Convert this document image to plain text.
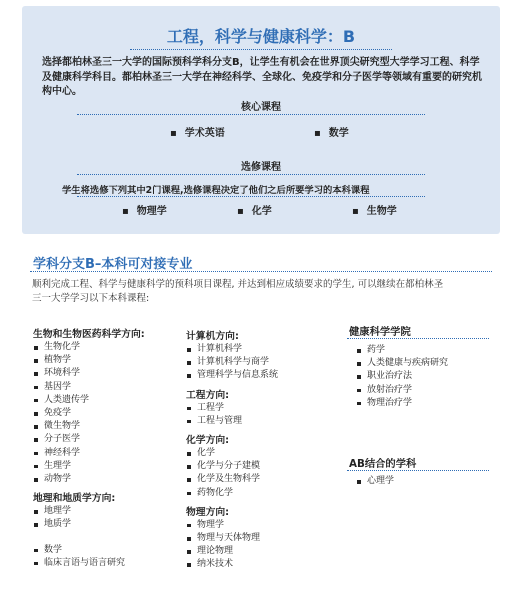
工程，科学与健康科学：B
选择都柏林圣三一大学的国际预科学科分支B，让学生有机会在世界顶尖研究型大学学习工程、科学及健康科学科目。都柏林圣三一大学在神经科学、全球化、免疫学和分子医学等领域有重要的研究机构中心。
核心课程
▪ 学术英语	▪ 数学
选修课程
学生将选修下列其中2门课程,选修课程决定了他们之后所要学习的本科课程
▪ 物理学	▪ 化学	▪ 生物学
学科分支B–本科可对接专业
顺利完成工程、科学与健康科学的预科项目课程, 并达到相应成绩要求的学生, 可以继续在都柏林圣三一大学学习以下本科课程:
生物和生物医药科学方向:
生物化学
植物学
环境科学
基因学
人类遗传学
免疫学
微生物学
分子医学
神经科学
生理学
动物学
地理和地质学方向:
地理学
地质学
数学
临床言语与语言研究
计算机方向:
计算机科学
计算机科学与商学
管理科学与信息系统
工程方向:
工程学
工程与管理
化学方向:
化学
化学与分子建模
化学及生物科学
药物化学
物理方向:
物理学
物理与天体物理
理论物理
纳米技术
健康科学学院
药学
人类健康与疾病研究
职业治疗法
放射治疗学
物理治疗学
AB结合的学科
心理学
